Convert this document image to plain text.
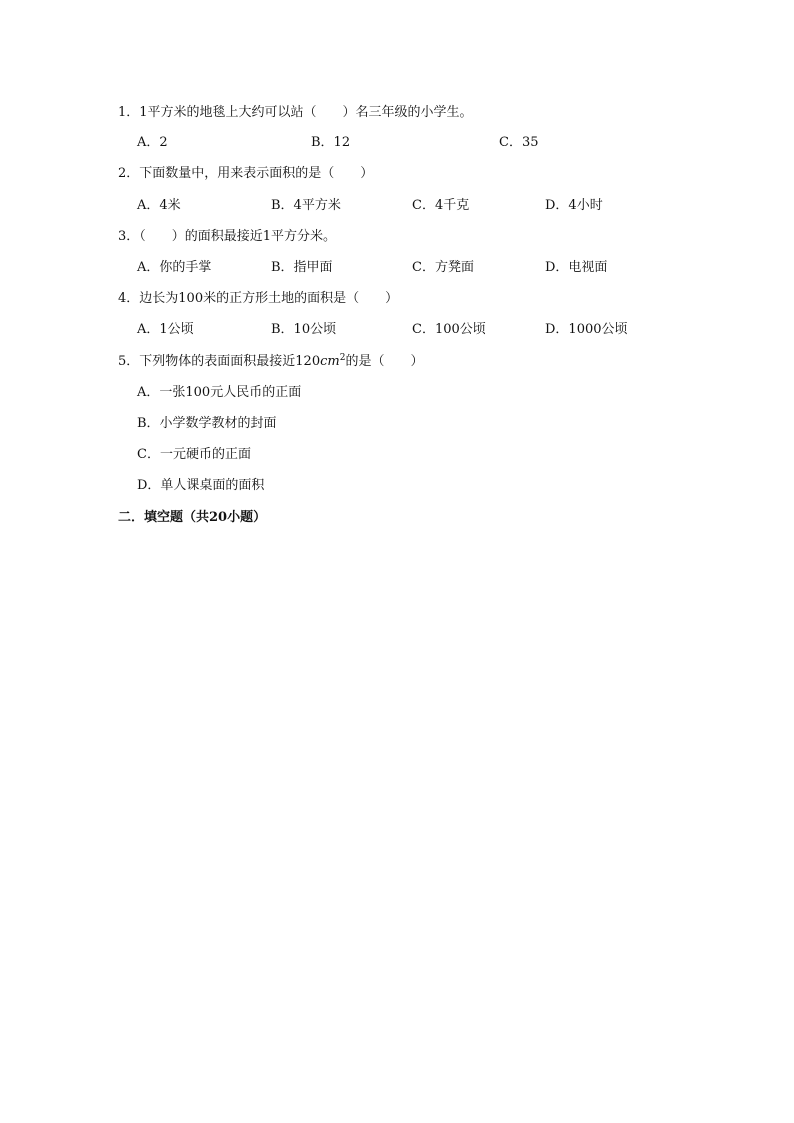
1．1平方米的地毯上大约可以站（　　）名三年级的小学生。
A．2	B．12	C．35
2．下面数量中，用来表示面积的是（　　）
A．4米	B．4平方米	C．4千克	D．4小时
3．（　　）的面积最接近1平方分米。
A．你的手掌	B．指甲面	C．方凳面	D．电视面
4．边长为100米的正方形土地的面积是（　　）
A．1公顷	B．10公顷	C．100公顷	D．1000公顷
5．下列物体的表面面积最接近$120cm^2$的是（　　）
A．一张100元人民币的正面
B．小学数学教材的封面
C．一元硬币的正面
D．单人课桌面的面积
二．填空题（共20小题）
